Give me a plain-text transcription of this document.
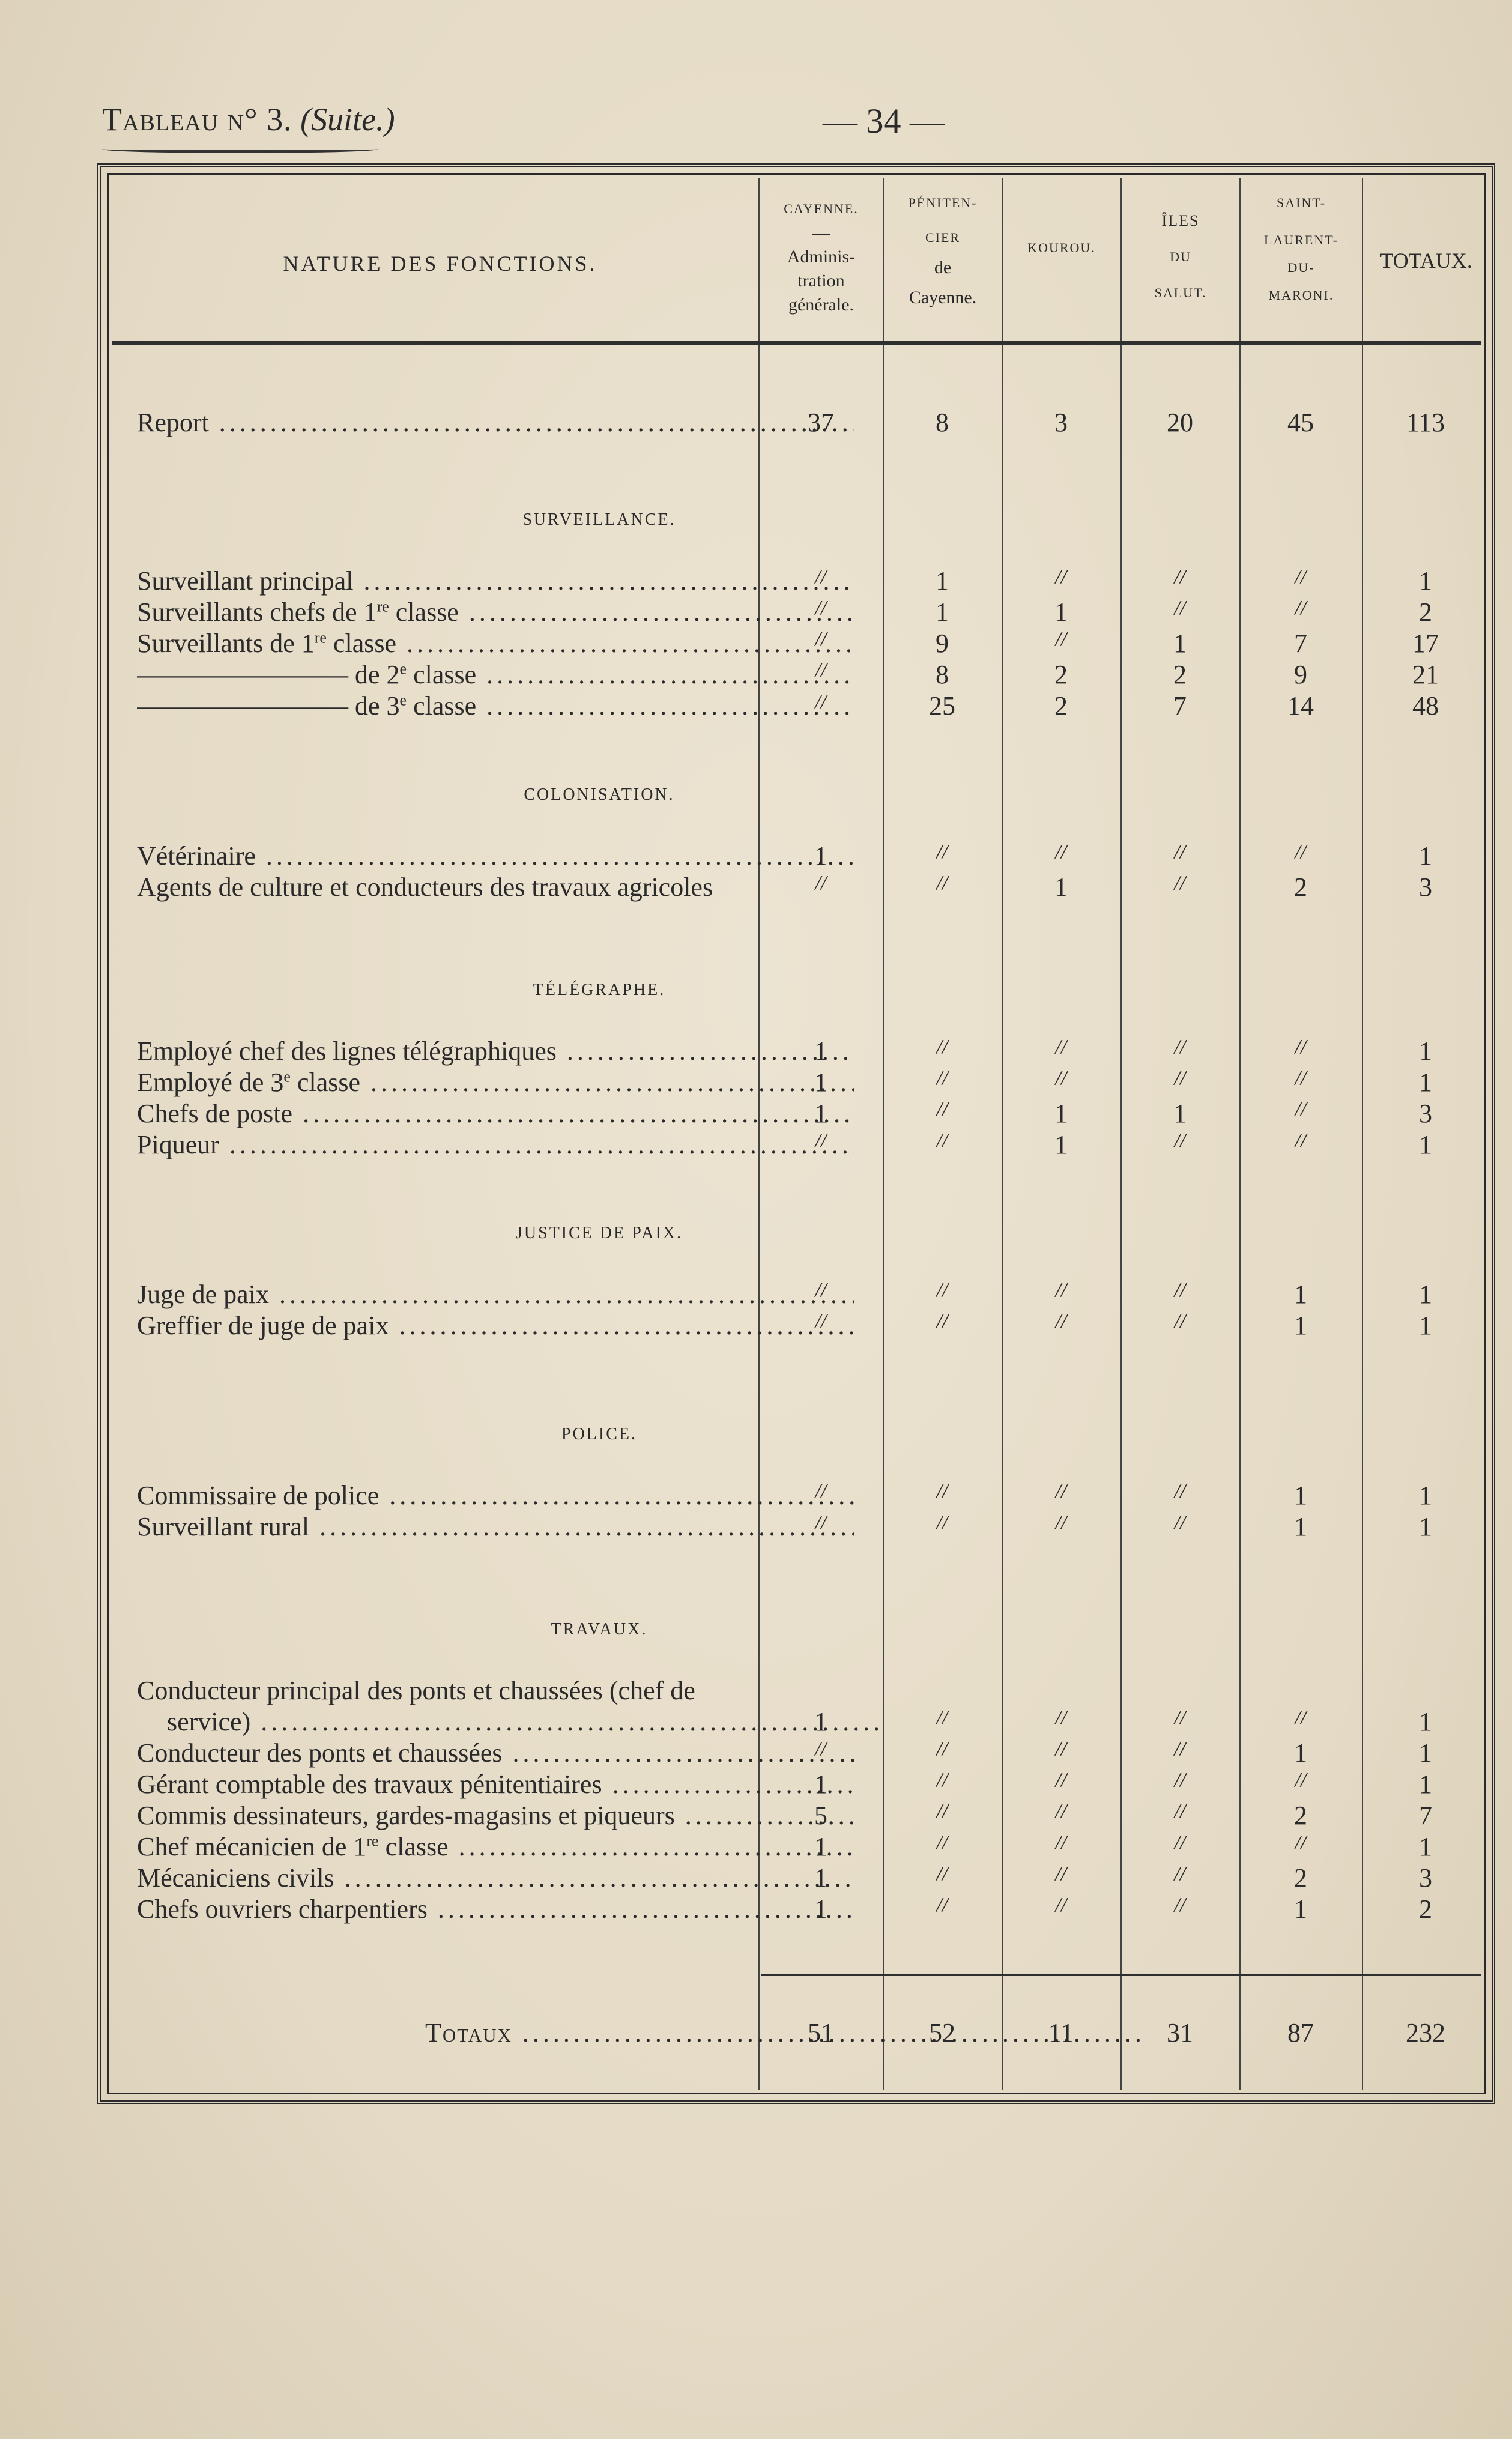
Tableau n° 3. (Suite.)	— 34 —
NATURE DES FONCTIONS.
CAYENNE.
—
Adminis-
tration
générale.
PÉNITEN-
CIER
de
Cayenne.
KOUROU.
ÎLES
DU
SALUT.
SAINT-
LAURENT-
DU-
MARONI.
TOTAUX.
Report .....	37	8	3	20	45	113
SURVEILLANCE.
Surveillant principal .....	//	1	//	//	//	1
Surveillants chefs de 1re classe .....	//	1	1	//	//	2
Surveillants de 1re classe .....	//	9	//	1	7	17
———————— de 2e classe .....	//	8	2	2	9	21
———————— de 3e classe .....	//	25	2	7	14	48
COLONISATION.
Vétérinaire .....	1	//	//	//	//	1
Agents de culture et conducteurs des travaux agricoles	//	//	1	//	2	3
TÉLÉGRAPHE.
Employé chef des lignes télégraphiques .....	1	//	//	//	//	1
Employé de 3e classe .....	1	//	//	//	//	1
Chefs de poste .....	1	//	1	1	//	3
Piqueur .....	//	//	1	//	//	1
JUSTICE DE PAIX.
Juge de paix .....	//	//	//	//	1	1
Greffier de juge de paix .....	//	//	//	//	1	1
POLICE.
Commissaire de police .....	//	//	//	//	1	1
Surveillant rural .....	//	//	//	//	1	1
TRAVAUX.
Conducteur principal des ponts et chaussées (chef de
service) .....	1	//	//	//	//	1
Conducteur des ponts et chaussées .....	//	//	//	//	1	1
Gérant comptable des travaux pénitentiaires .....	1	//	//	//	//	1
Commis dessinateurs, gardes-magasins et piqueurs .....	5	//	//	//	2	7
Chef mécanicien de 1re classe .....	1	//	//	//	//	1
Mécaniciens civils .....	1	//	//	//	2	3
Chefs ouvriers charpentiers .....	1	//	//	//	1	2
Totaux .....	51	52	11	31	87	232
